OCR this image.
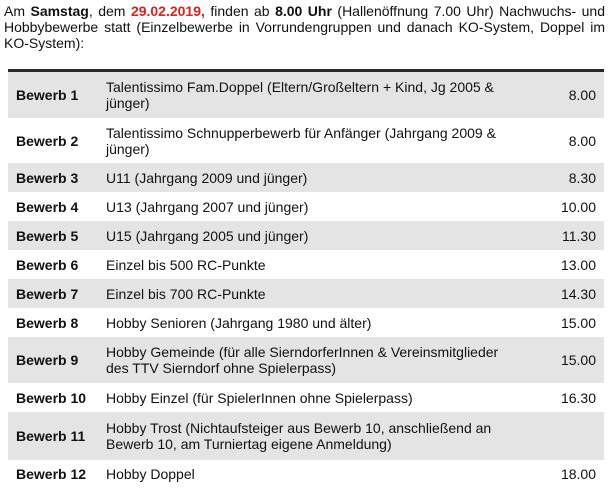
Am Samstag, dem 29.02.2019, finden ab 8.00 Uhr (Hallenöffnung 7.00 Uhr) Nachwuchs- und Hobbybewerbe statt (Einzelbewerbe in Vorrundengruppen und danach KO-System, Doppel im KO-System):
Bewerb 1	Talentissimo Fam.Doppel (Eltern/Großeltern + Kind, Jg 2005 & jünger)	8.00
Bewerb 2	Talentissimo Schnupperbewerb für Anfänger (Jahrgang 2009 & jünger)	8.00
Bewerb 3	U11 (Jahrgang 2009 und jünger)	8.30
Bewerb 4	U13 (Jahrgang 2007 und jünger)	10.00
Bewerb 5	U15 (Jahrgang 2005 und jünger)	11.30
Bewerb 6	Einzel bis 500 RC-Punkte	13.00
Bewerb 7	Einzel bis 700 RC-Punkte	14.30
Bewerb 8	Hobby Senioren (Jahrgang 1980 und älter)	15.00
Bewerb 9	Hobby Gemeinde (für alle SierndorferInnen & Vereinsmitglieder des TTV Sierndorf ohne Spielerpass)	15.00
Bewerb 10	Hobby Einzel (für SpielerInnen ohne Spielerpass)	16.30
Bewerb 11	Hobby Trost (Nichtaufsteiger aus Bewerb 10, anschließend an Bewerb 10, am Turniertag eigene Anmeldung)	
Bewerb 12	Hobby Doppel	18.00
